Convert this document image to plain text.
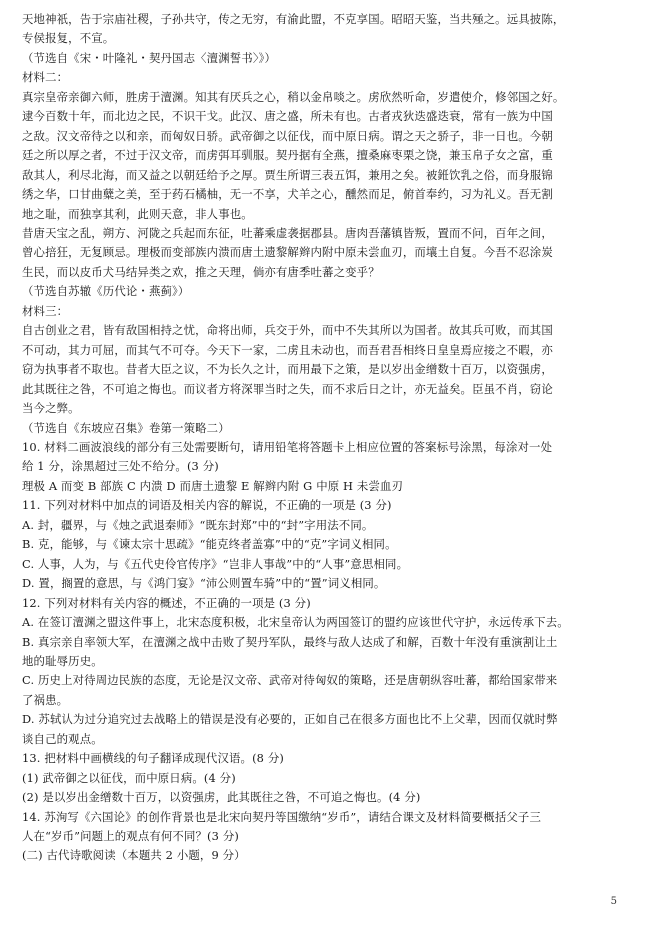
天地神祇，告于宗庙社稷，子孙共守，传之无穷，有渝此盟，不克享国。昭昭天鉴，当共殛之。远具披陈，

专侯报复，不宣。

（节选自《宋・叶隆礼・契丹国志〈澶渊誓书〉》）

材料二：

真宗皇帝亲御六师，胜虏于澶渊。知其有厌兵之心，稍以金帛啖之。虏欣然听命，岁遣使介，修邻国之好。

逮今百数十年，而北边之民，不识干戈。此汉、唐之盛，所未有也。古者戎狄迭盛迭衰，常有一族为中国

之敌。汉文帝待之以和亲，而匈奴日骄。武帝御之以征伐，而中原日病。谓之天之骄子，非一日也。今朝

廷之所以厚之者，不过于汉文帝，而虏弭耳驯服。契丹据有全燕，擅桑麻枣栗之饶，兼玉帛子女之富，重

敌其人，利尽北海，而又益之以朝廷给予之厚。贾生所谓三表五饵，兼用之矣。被銋饮乳之俗，而身服锦

绣之华，口甘曲糵之美，至于药石橘柚，无一不享，犬羊之心，醺然而足，俯首奉约，习为礼义。吾无割

地之耻，而独享其利，此则天意，非人事也。

昔唐天宝之乱，朔方、河陇之兵起而东征，吐蕃乘虚袭据郡县。唐肉吾藩镇皆叛，置而不问，百年之间，

曾心掊狂，无复顾忌。理极而变部族内溃而唐土遗黎解辫内附中原未尝血刃，而壤土自复。今吾不忍涂炭

生民，而以皮币犬马结异类之欢，推之天理，倘亦有唐季吐蕃之变乎？

（节选自苏辙《历代论・燕蓟》）

材料三：

自古创业之君，皆有敌国相持之忧，命将出师，兵交于外，而中不失其所以为国者。故其兵可败，而其国

不可动，其力可屈，而其气不可夺。今天下一家，二虏且未动也，而吾君吾相终日皇皇焉应接之不暇，亦

窃为执事者不取也。昔者大臣之议，不为长久之计，而用最下之策，是以岁出金缯数十百万，以资强虏，

此其既往之咎，不可追之悔也。而议者方将深罪当时之失，而不求后日之计，亦无益矣。臣虽不肖，窃论

当今之弊。

（节选自《东坡应召集》卷第一策略二）

10. 材料二画波浪线的部分有三处需要断句，请用铅笔将答题卡上相应位置的答案标号涂黑，每涂对一处

给 1 分，涂黑超过三处不给分。(3 分)

理极 A 而变 B 部族 C 内溃 D 而唐土遗黎 E 解辫内附 G 中原 H 未尝血刃

11. 下列对材料中加点的词语及相关内容的解说，不正确的一项是 (3 分)

A. 封，疆界，与《烛之武退秦师》“既东封郑”中的“封”字用法不同。

B. 克，能够，与《谏太宗十思疏》“能克终者盖寡”中的“克”字词义相同。

C. 人事，人为，与《五代史伶官传序》“岂非人事哉”中的“人事”意思相同。

D. 置，搁置的意思，与《鸿门宴》“沛公则置车骑”中的“置”词义相同。

12. 下列对材料有关内容的概述，不正确的一项是 (3 分)

A. 在签订澶渊之盟这件事上，北宋态度积极，北宋皇帝认为两国签订的盟约应该世代守护，永远传承下去。

B. 真宗亲自率领大军，在澶渊之战中击败了契丹军队，最终与敌人达成了和解，百数十年没有重演割让土

地的耻辱历史。

C. 历史上对待周边民族的态度，无论是汉文帝、武帝对待匈奴的策略，还是唐朝纵容吐蕃，都给国家带来

了祸患。

D. 苏轼认为过分追究过去战略上的错误是没有必要的，正如自己在很多方面也比不上父辈，因而仅就时弊

谈自己的观点。

13. 把材料中画横线的句子翻译成现代汉语。(8 分)

(1) 武帝御之以征伐，而中原日病。(4 分)

(2) 是以岁出金缯数十百万，以资强虏，此其既往之咎，不可追之悔也。(4 分)

14. 苏洵写《六国论》的创作背景也是北宋向契丹等国缴纳“岁币”，请结合课文及材料简要概括父子三

人在“岁币”问题上的观点有何不同？(3 分)

(二) 古代诗歌阅读（本题共 2 小题，9 分）

5
